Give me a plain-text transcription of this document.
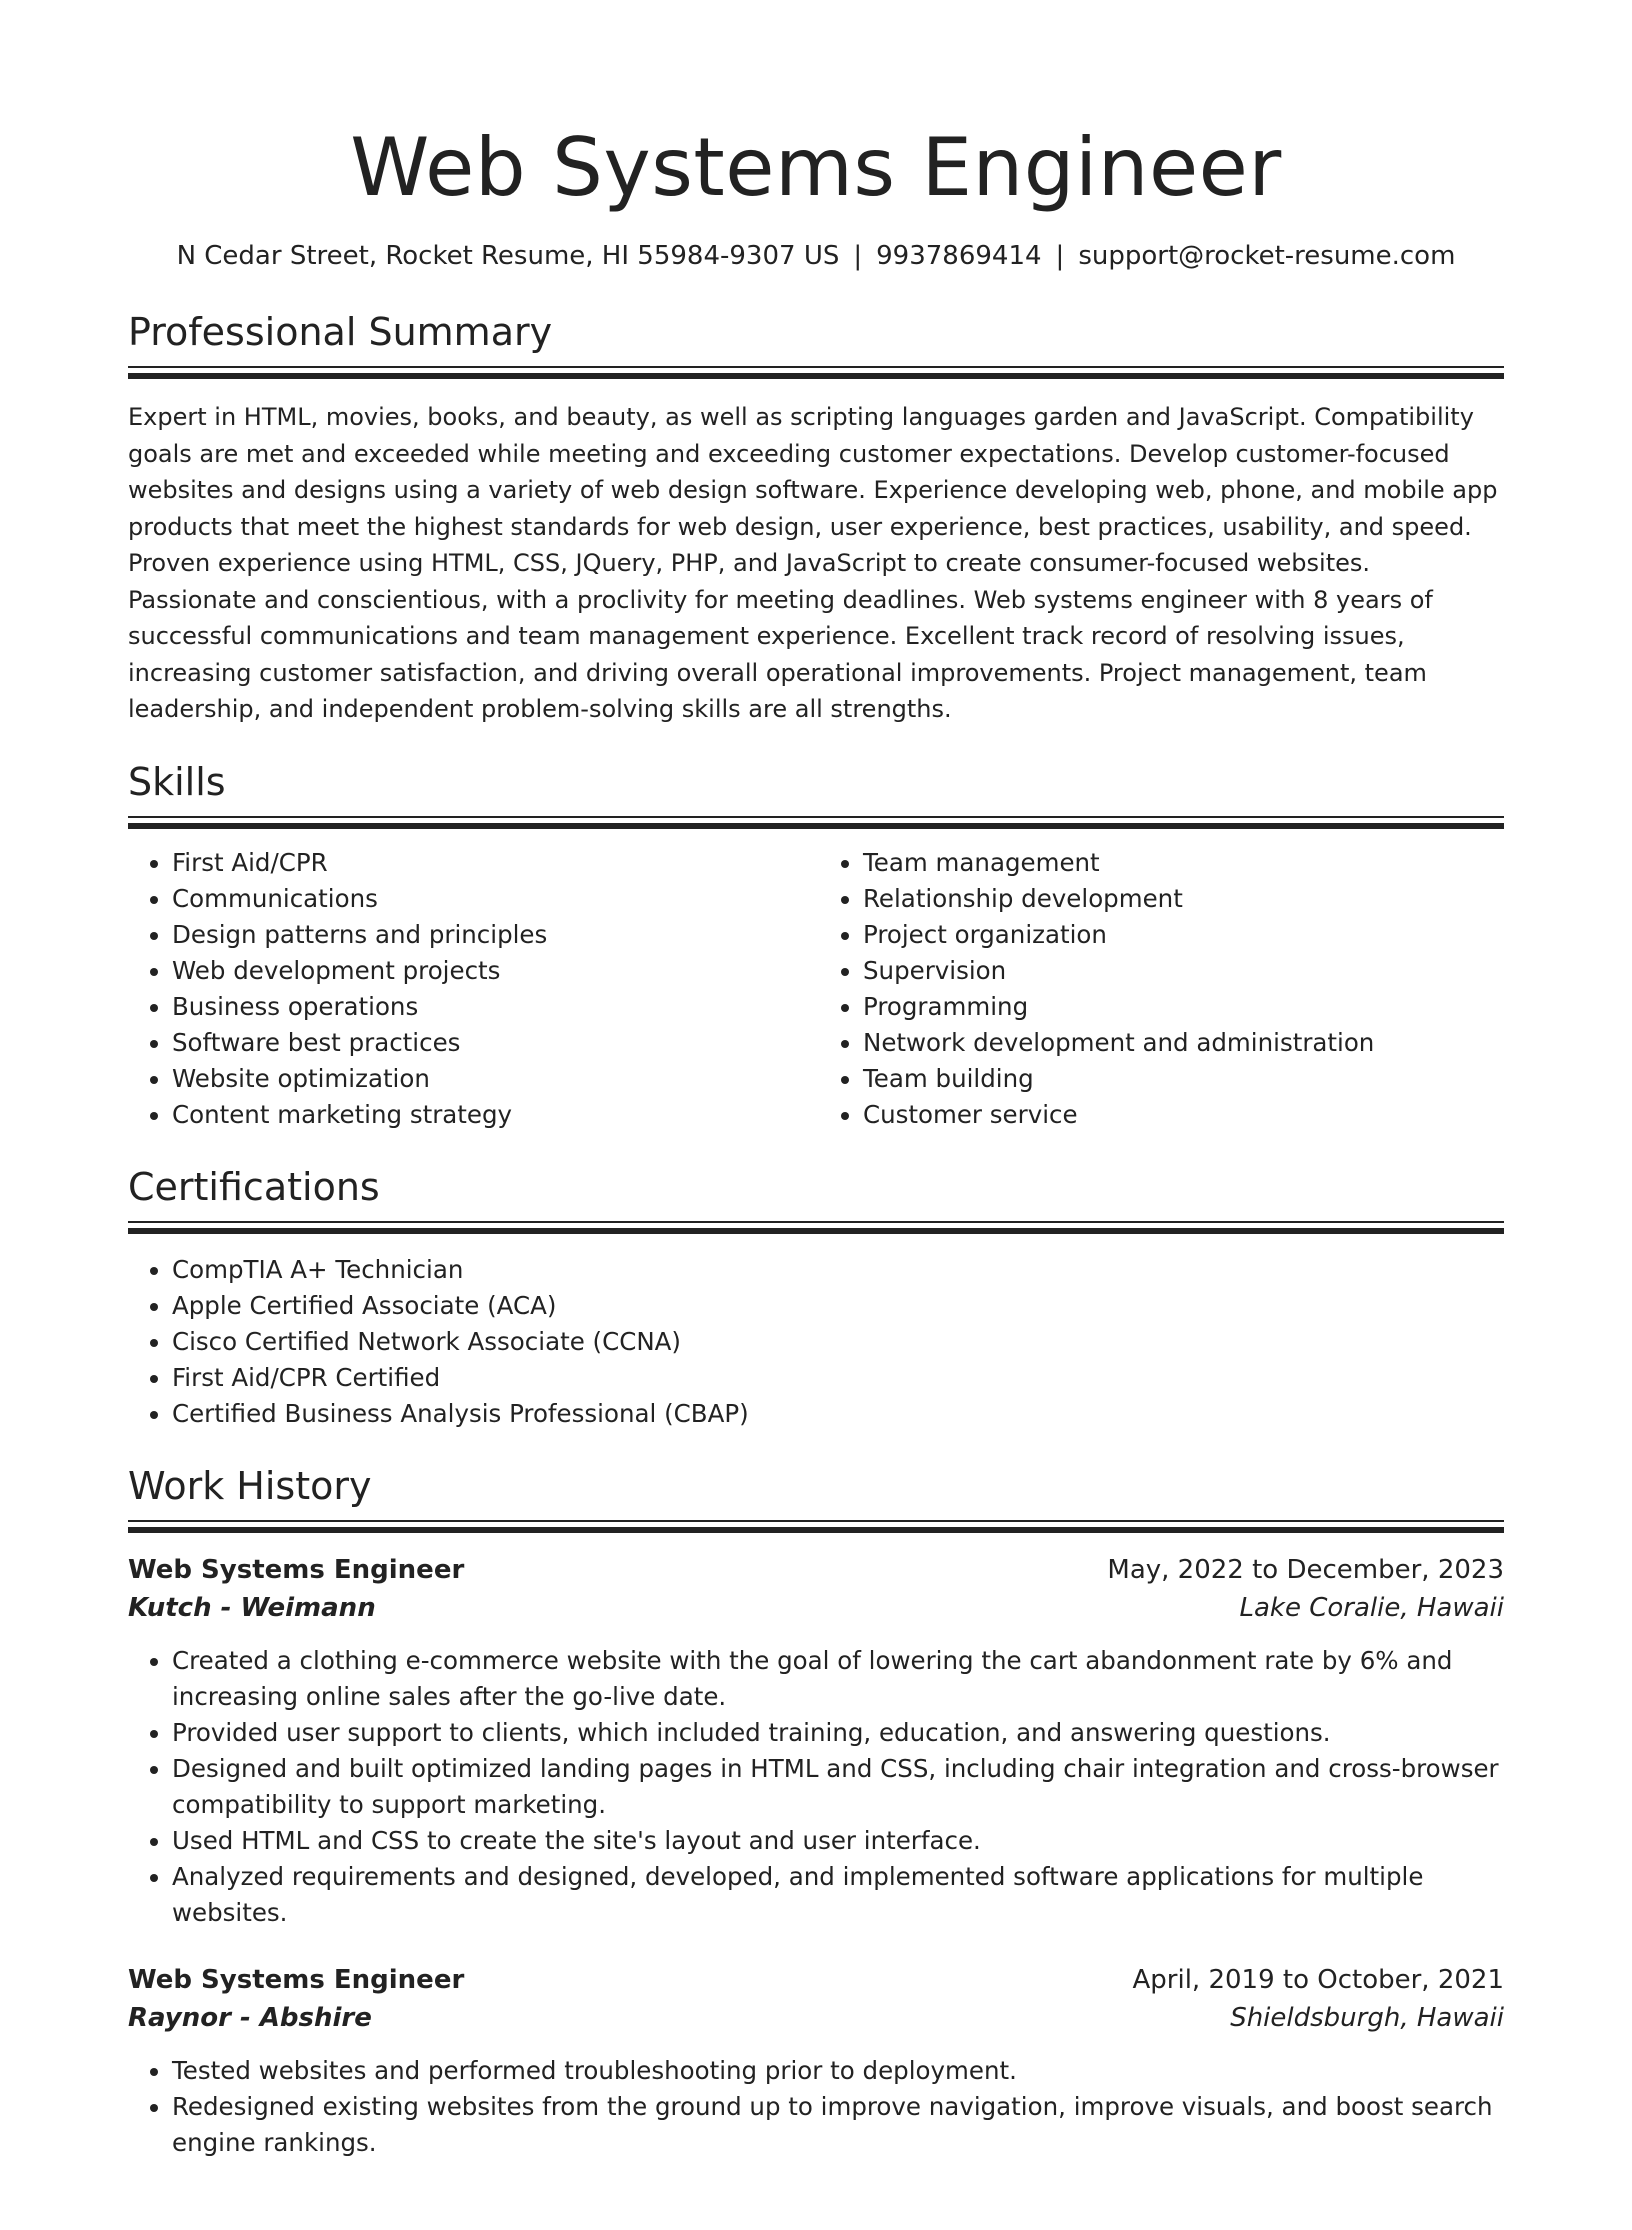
Web Systems Engineer
N Cedar Street, Rocket Resume, HI 55984-9307 US | 9937869414 | support@rocket-resume.com
Professional Summary
Expert in HTML, movies, books, and beauty, as well as scripting languages garden and JavaScript. Compatibility goals are met and exceeded while meeting and exceeding customer expectations. Develop customer-focused websites and designs using a variety of web design software. Experience developing web, phone, and mobile app products that meet the highest standards for web design, user experience, best practices, usability, and speed. Proven experience using HTML, CSS, JQuery, PHP, and JavaScript to create consumer-focused websites. Passionate and conscientious, with a proclivity for meeting deadlines. Web systems engineer with 8 years of successful communications and team management experience. Excellent track record of resolving issues, increasing customer satisfaction, and driving overall operational improvements. Project management, team leadership, and independent problem-solving skills are all strengths.
Skills
• First Aid/CPR
• Communications
• Design patterns and principles
• Web development projects
• Business operations
• Software best practices
• Website optimization
• Content marketing strategy
• Team management
• Relationship development
• Project organization
• Supervision
• Programming
• Network development and administration
• Team building
• Customer service
Certifications
• CompTIA A+ Technician
• Apple Certified Associate (ACA)
• Cisco Certified Network Associate (CCNA)
• First Aid/CPR Certified
• Certified Business Analysis Professional (CBAP)
Work History
Web Systems Engineer	May, 2022 to December, 2023
Kutch - Weimann	Lake Coralie, Hawaii
• Created a clothing e-commerce website with the goal of lowering the cart abandonment rate by 6% and increasing online sales after the go-live date.
• Provided user support to clients, which included training, education, and answering questions.
• Designed and built optimized landing pages in HTML and CSS, including chair integration and cross-browser compatibility to support marketing.
• Used HTML and CSS to create the site's layout and user interface.
• Analyzed requirements and designed, developed, and implemented software applications for multiple websites.
Web Systems Engineer	April, 2019 to October, 2021
Raynor - Abshire	Shieldsburgh, Hawaii
• Tested websites and performed troubleshooting prior to deployment.
• Redesigned existing websites from the ground up to improve navigation, improve visuals, and boost search engine rankings.
